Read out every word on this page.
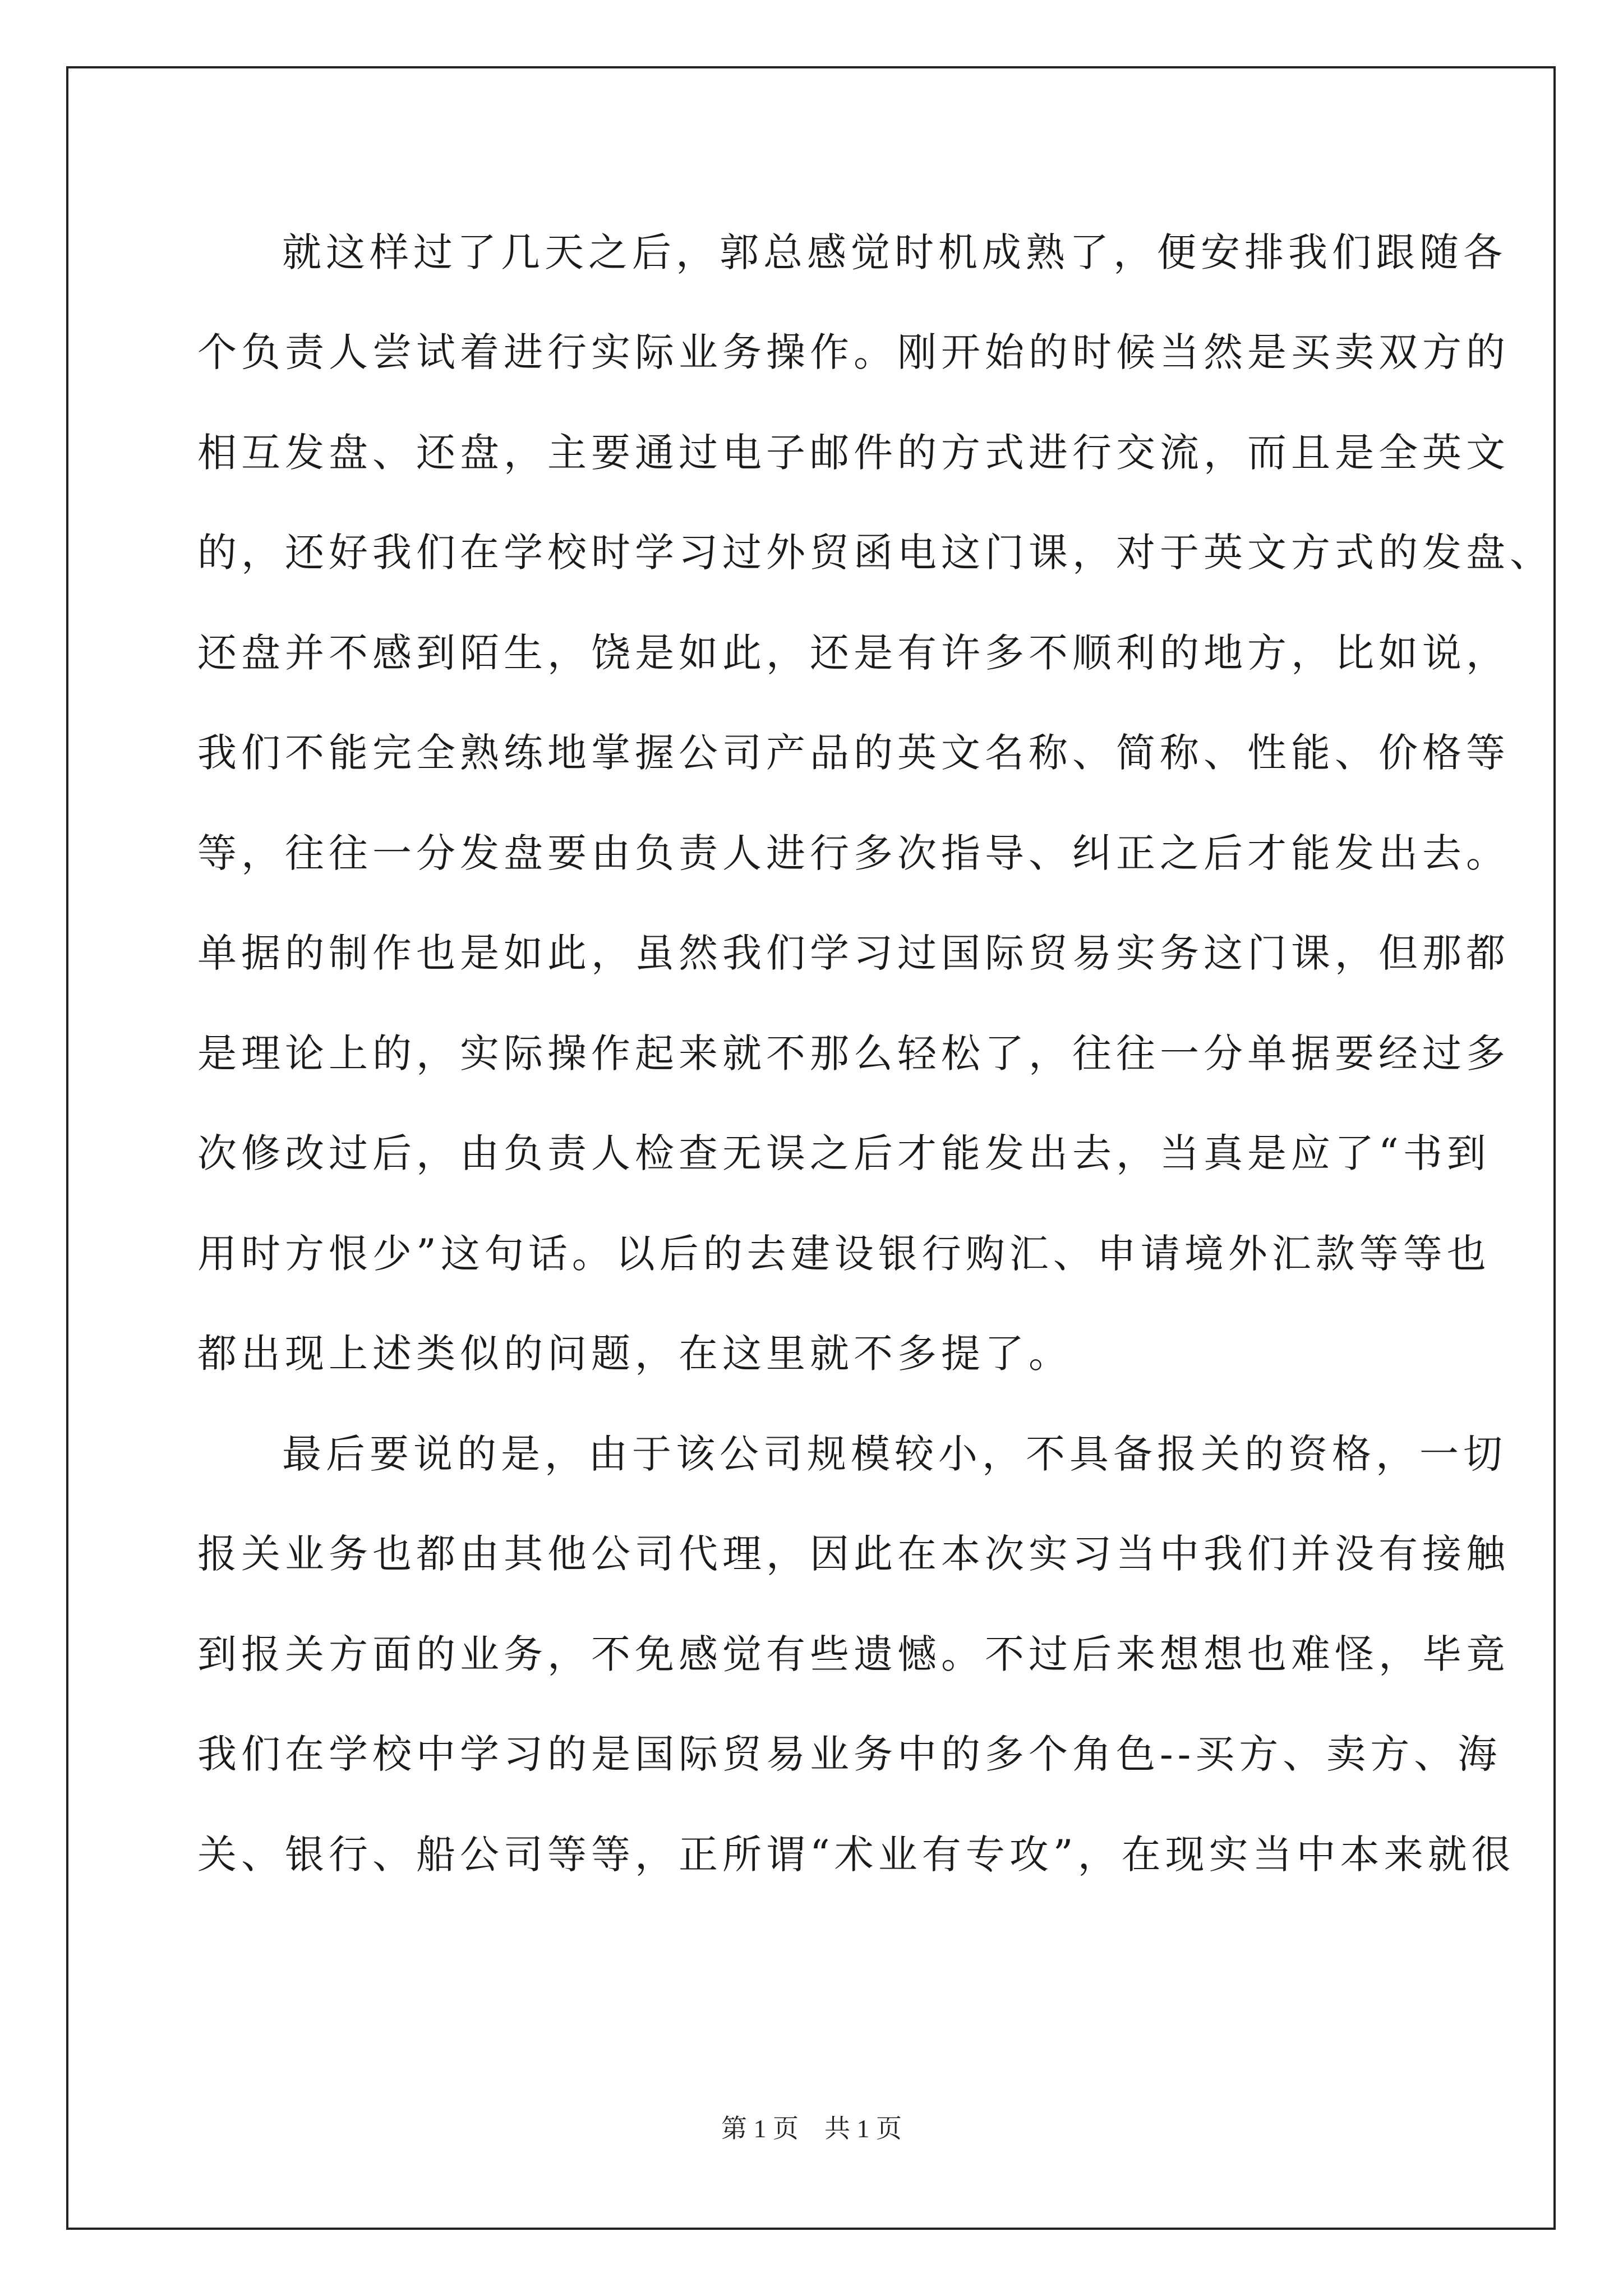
就这样过了几天之后，郭总感觉时机成熟了，便安排我们跟随各
个负责人尝试着进行实际业务操作。刚开始的时候当然是买卖双方的
相互发盘、还盘，主要通过电子邮件的方式进行交流，而且是全英文
的，还好我们在学校时学习过外贸函电这门课，对于英文方式的发盘、
还盘并不感到陌生，饶是如此，还是有许多不顺利的地方，比如说，
我们不能完全熟练地掌握公司产品的英文名称、简称、性能、价格等
等，往往一分发盘要由负责人进行多次指导、纠正之后才能发出去。
单据的制作也是如此，虽然我们学习过国际贸易实务这门课，但那都
是理论上的，实际操作起来就不那么轻松了，往往一分单据要经过多
次修改过后，由负责人检查无误之后才能发出去，当真是应了“书到
用时方恨少”这句话。以后的去建设银行购汇、申请境外汇款等等也
都出现上述类似的问题，在这里就不多提了。
最后要说的是，由于该公司规模较小，不具备报关的资格，一切
报关业务也都由其他公司代理，因此在本次实习当中我们并没有接触
到报关方面的业务，不免感觉有些遗憾。不过后来想想也难怪，毕竟
我们在学校中学习的是国际贸易业务中的多个角色--买方、卖方、海
关、银行、船公司等等，正所谓“术业有专攻”，在现实当中本来就很
第 1 页　共 1 页
